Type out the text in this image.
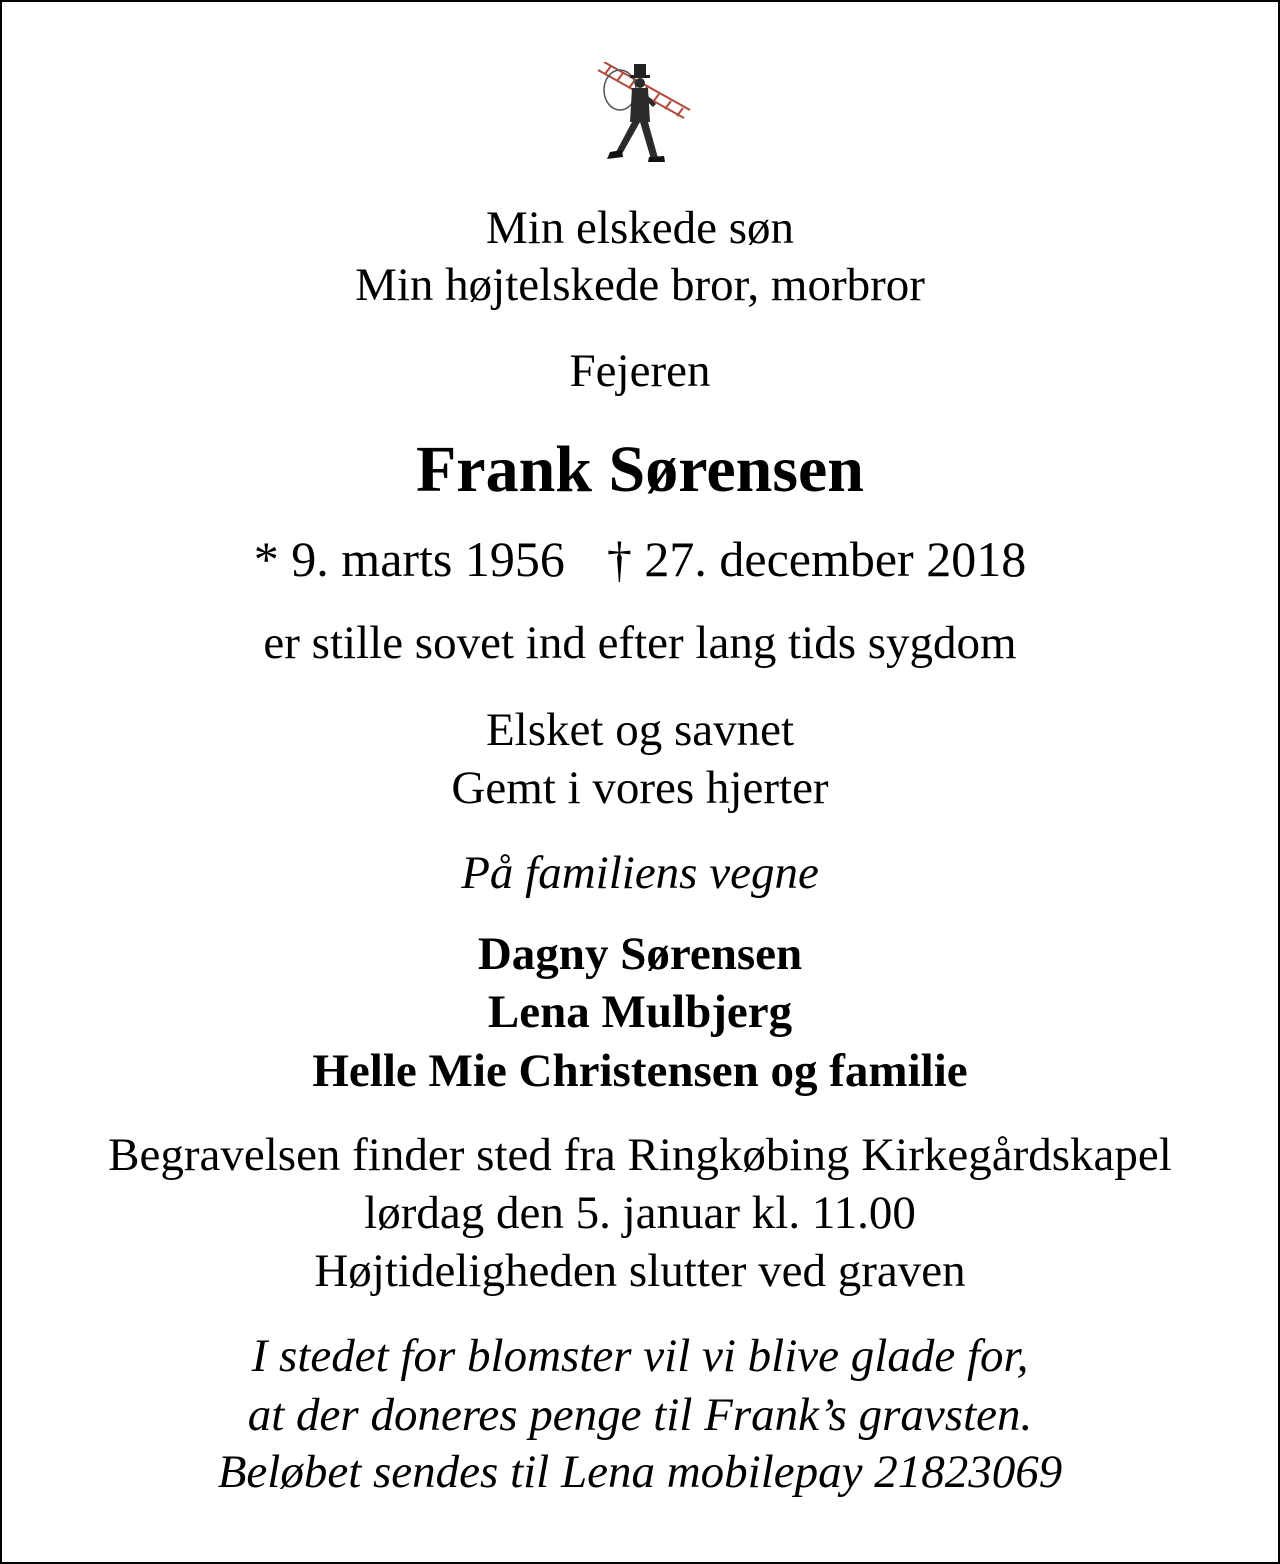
Min elskede søn
Min højtelskede bror, morbror
Fejeren
Frank Sørensen
* 9. marts 1956 † 27. december 2018
er stille sovet ind efter lang tids sygdom
Elsket og savnet
Gemt i vores hjerter
På familiens vegne
Dagny Sørensen
Lena Mulbjerg
Helle Mie Christensen og familie
Begravelsen finder sted fra Ringkøbing Kirkegårdskapel
lørdag den 5. januar kl. 11.00
Højtideligheden slutter ved graven
I stedet for blomster vil vi blive glade for,
at der doneres penge til Frank’s gravsten.
Beløbet sendes til Lena mobilepay 21823069
